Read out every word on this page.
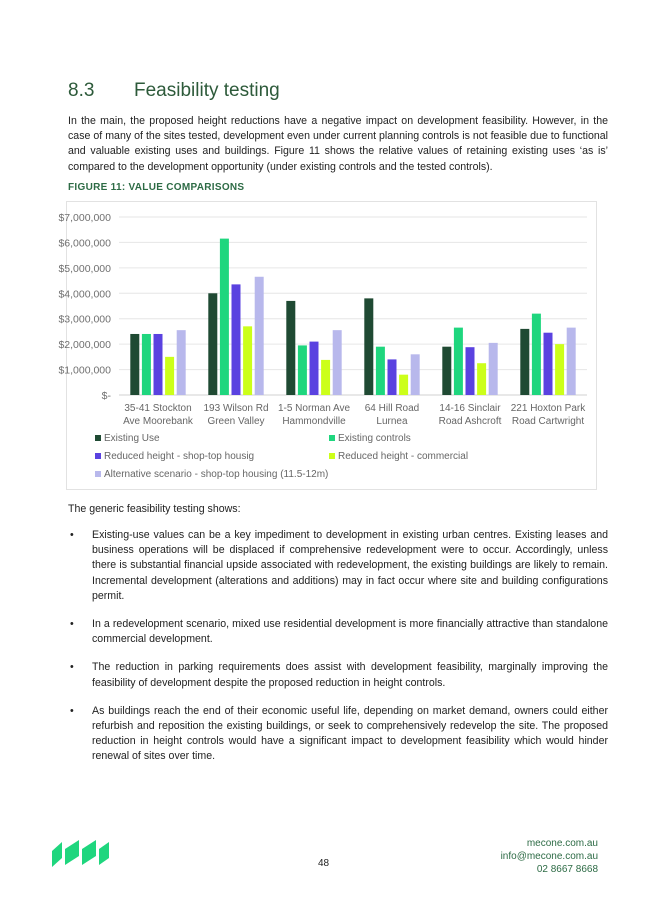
8.3 Feasibility testing

In the main, the proposed height reductions have a negative impact on development feasibility. However, in the case of many of the sites tested, development even under current planning controls is not feasible due to functional and valuable existing uses and buildings. Figure 11 shows the relative values of retaining existing uses ‘as is’ compared to the development opportunity (under existing controls and the tested controls).

FIGURE 11: VALUE COMPARISONS
$-
$1,000,000
$2,000,000
$3,000,000
$4,000,000
$5,000,000
$6,000,000
$7,000,000
35-41 Stockton
Ave Moorebank
193 Wilson Rd
Green Valley
1-5 Norman Ave
Hammondville
64 Hill Road
Lurnea
14-16 Sinclair
Road Ashcroft
221 Hoxton Park
Road Cartwright
Existing Use	Existing controls
Reduced height - shop-top housig	Reduced height - commercial
Alternative scenario - shop-top housing (11.5-12m)
The generic feasibility testing shows:
• Existing-use values can be a key impediment to development in existing urban centres. Existing leases and business operations will be displaced if comprehensive redevelopment were to occur. Accordingly, unless there is substantial financial upside associated with redevelopment, the existing buildings are likely to remain. Incremental development (alterations and additions) may in fact occur where site and building configurations permit.
• In a redevelopment scenario, mixed use residential development is more financially attractive than standalone commercial development.
• The reduction in parking requirements does assist with development feasibility, marginally improving the feasibility of development despite the proposed reduction in height controls.
• As buildings reach the end of their economic useful life, depending on market demand, owners could either refurbish and reposition the existing buildings, or seek to comprehensively redevelop the site. The proposed reduction in height controls would have a significant impact to development feasibility which would hinder renewal of sites over time.
48
mecone.com.au
info@mecone.com.au
02 8667 8668
